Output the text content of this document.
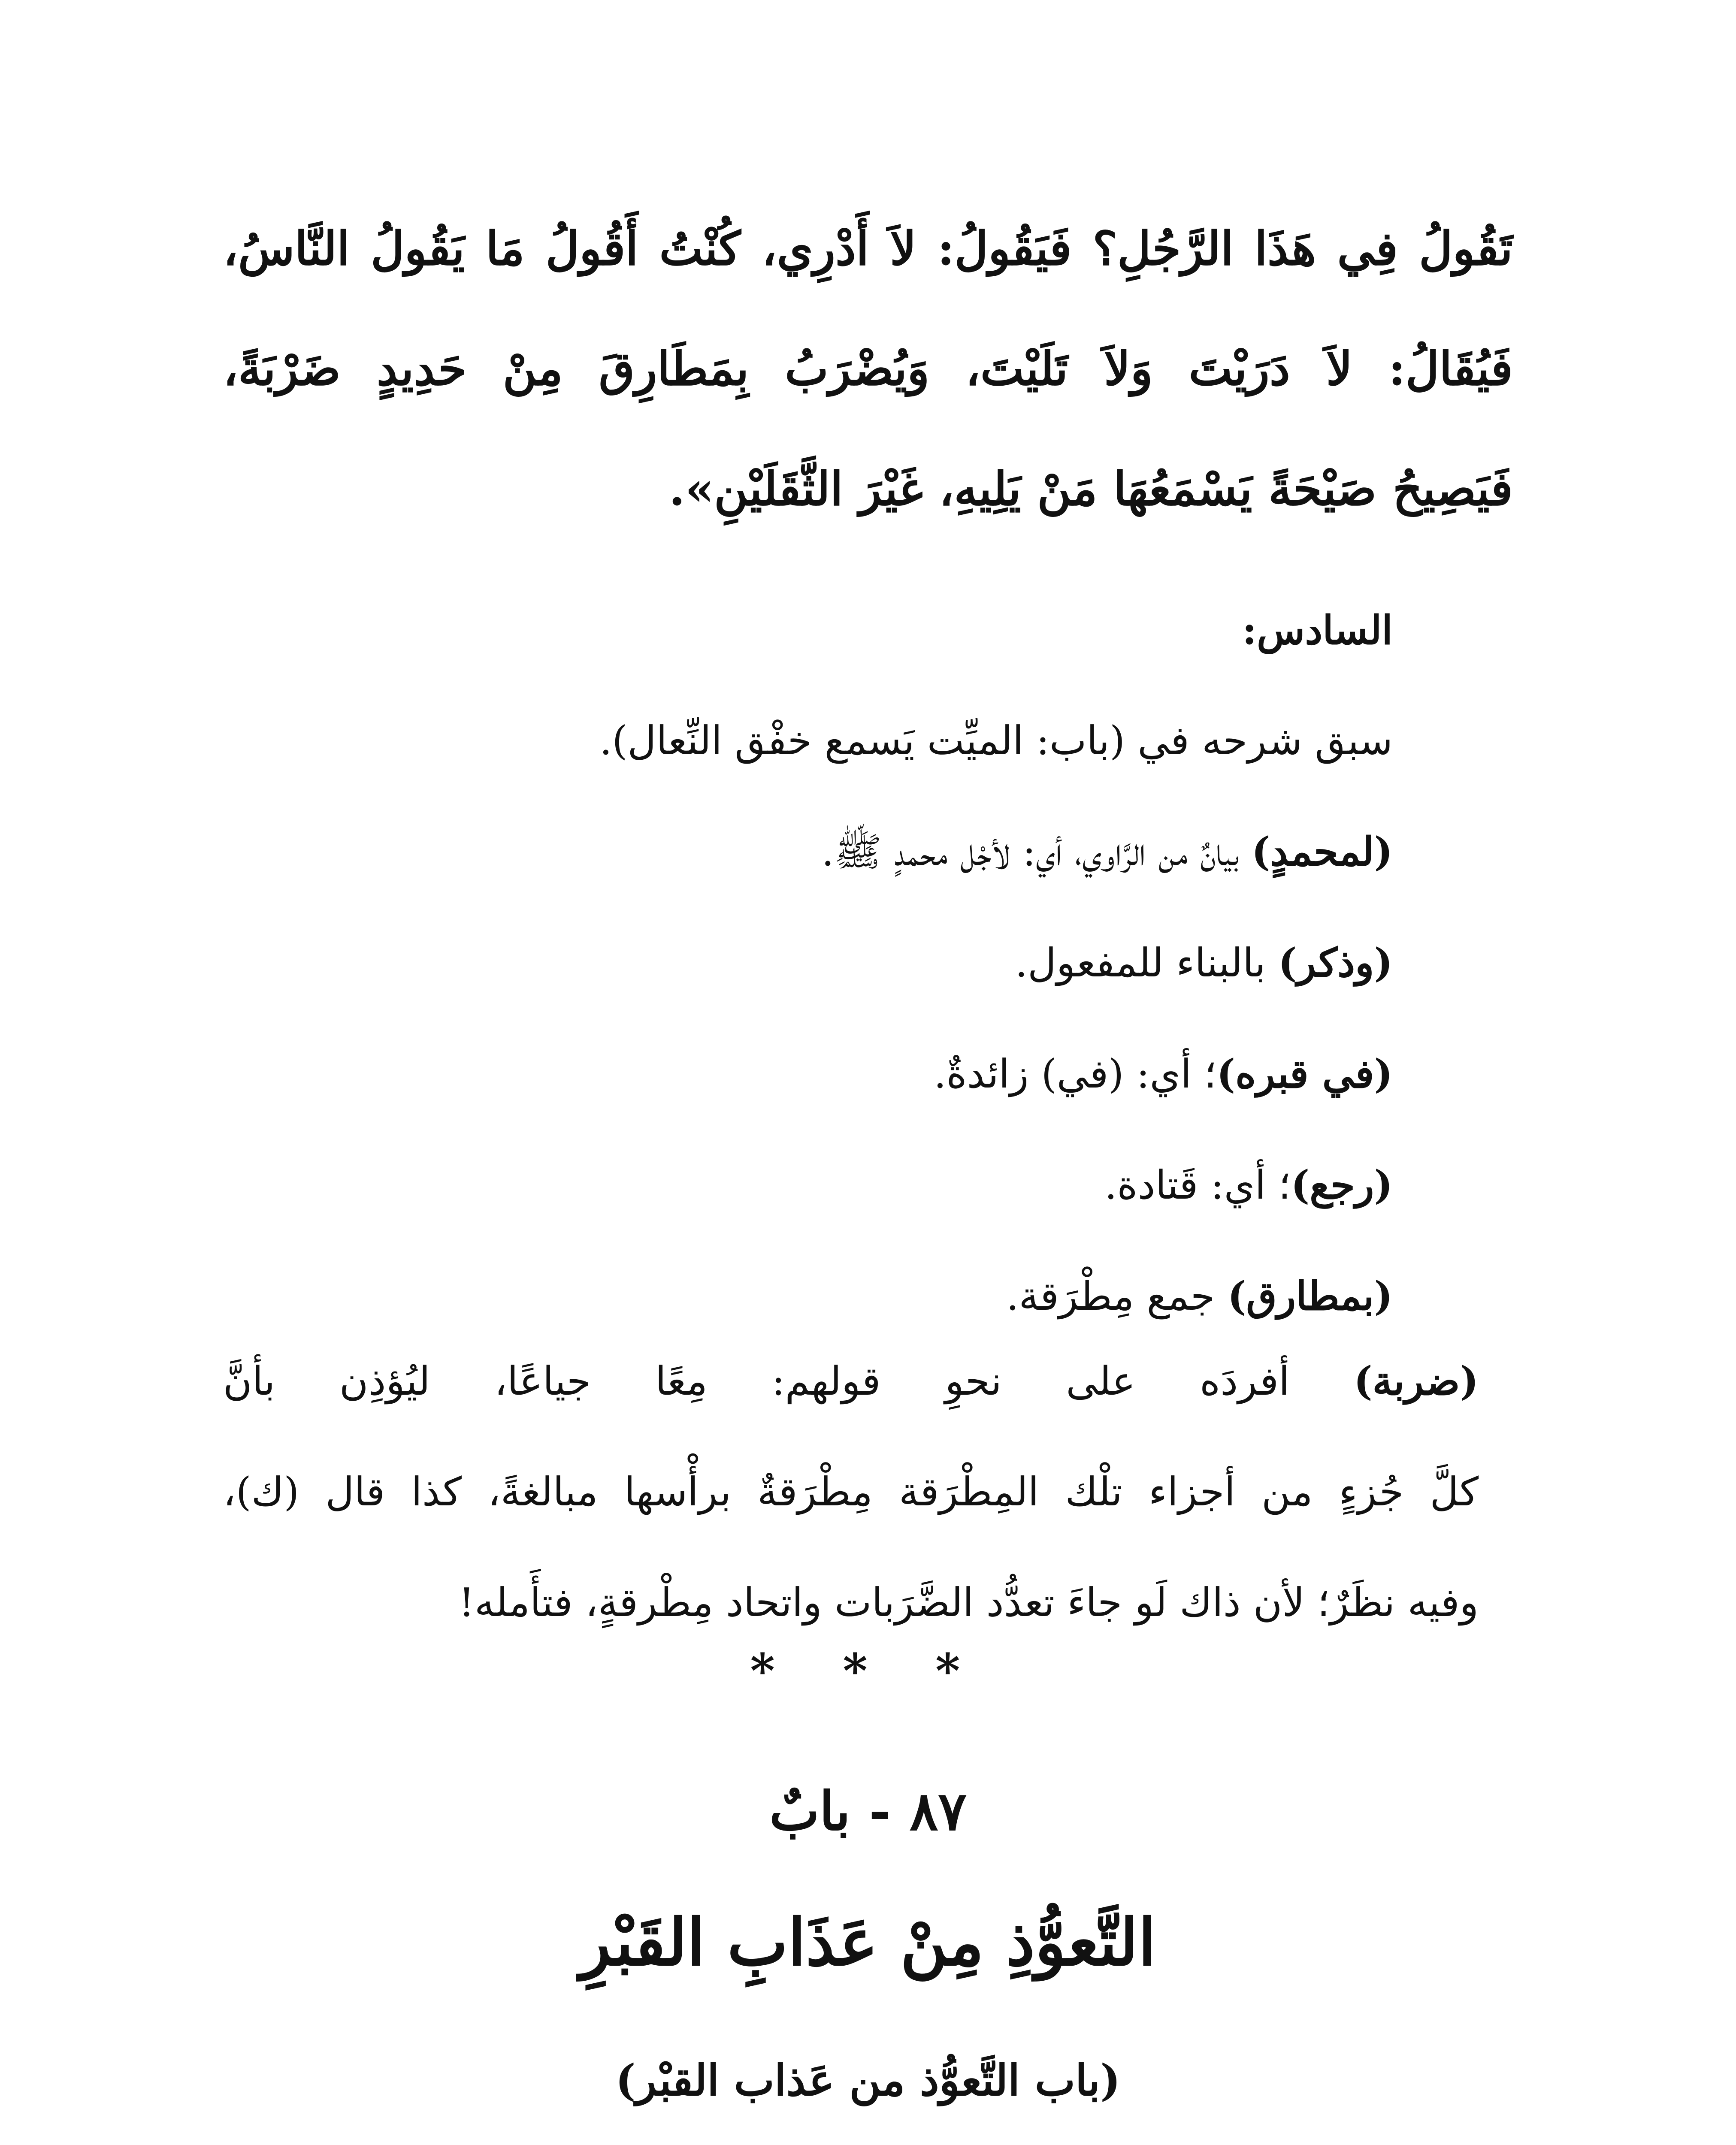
تَقُولُ فِي هَذَا الرَّجُلِ؟ فَيَقُولُ: لاَ أَدْرِي، كُنْتُ أَقُولُ مَا يَقُولُ النَّاسُ،

فَيُقَالُ: لاَ دَرَيْتَ وَلاَ تَلَيْتَ، وَيُضْرَبُ بِمَطَارِقَ مِنْ حَدِيدٍ ضَرْبَةً،

فَيَصِيحُ صَيْحَةً يَسْمَعُهَا مَنْ يَلِيهِ، غَيْرَ الثَّقَلَيْنِ».

السادس:

سبق شرحه في (باب: الميِّت يَسمع خفْق النِّعال).

(لمحمدٍ) بيانٌ من الرَّاوي، أي: لأجْل محمدٍ ﷺ.

(وذكر) بالبناء للمفعول.

(في قبره)؛ أي: (في) زائدةٌ.

(رجع)؛ أي: قَتادة.

(بمطارق) جمع مِطْرَقة.

(ضربة) أفردَه على نحوِ قولهم: مِعًا جياعًا، ليُؤذِن بأنَّ

كلَّ جُزءٍ من أجزاء تلْك المِطْرَقة مِطْرَقةٌ برأْسها مبالغةً، كذا قال (ك)،

وفيه نظَرٌ؛ لأن ذاك لَو جاءَ تعدُّد الضَّرَبات واتحاد مِطْرقةٍ، فتأَمله!

* * *
٨٧ - بابٌ
التَّعوُّذِ مِنْ عَذَابِ القَبْرِ
(باب التَّعوُّذ من عَذاب القبْر)
